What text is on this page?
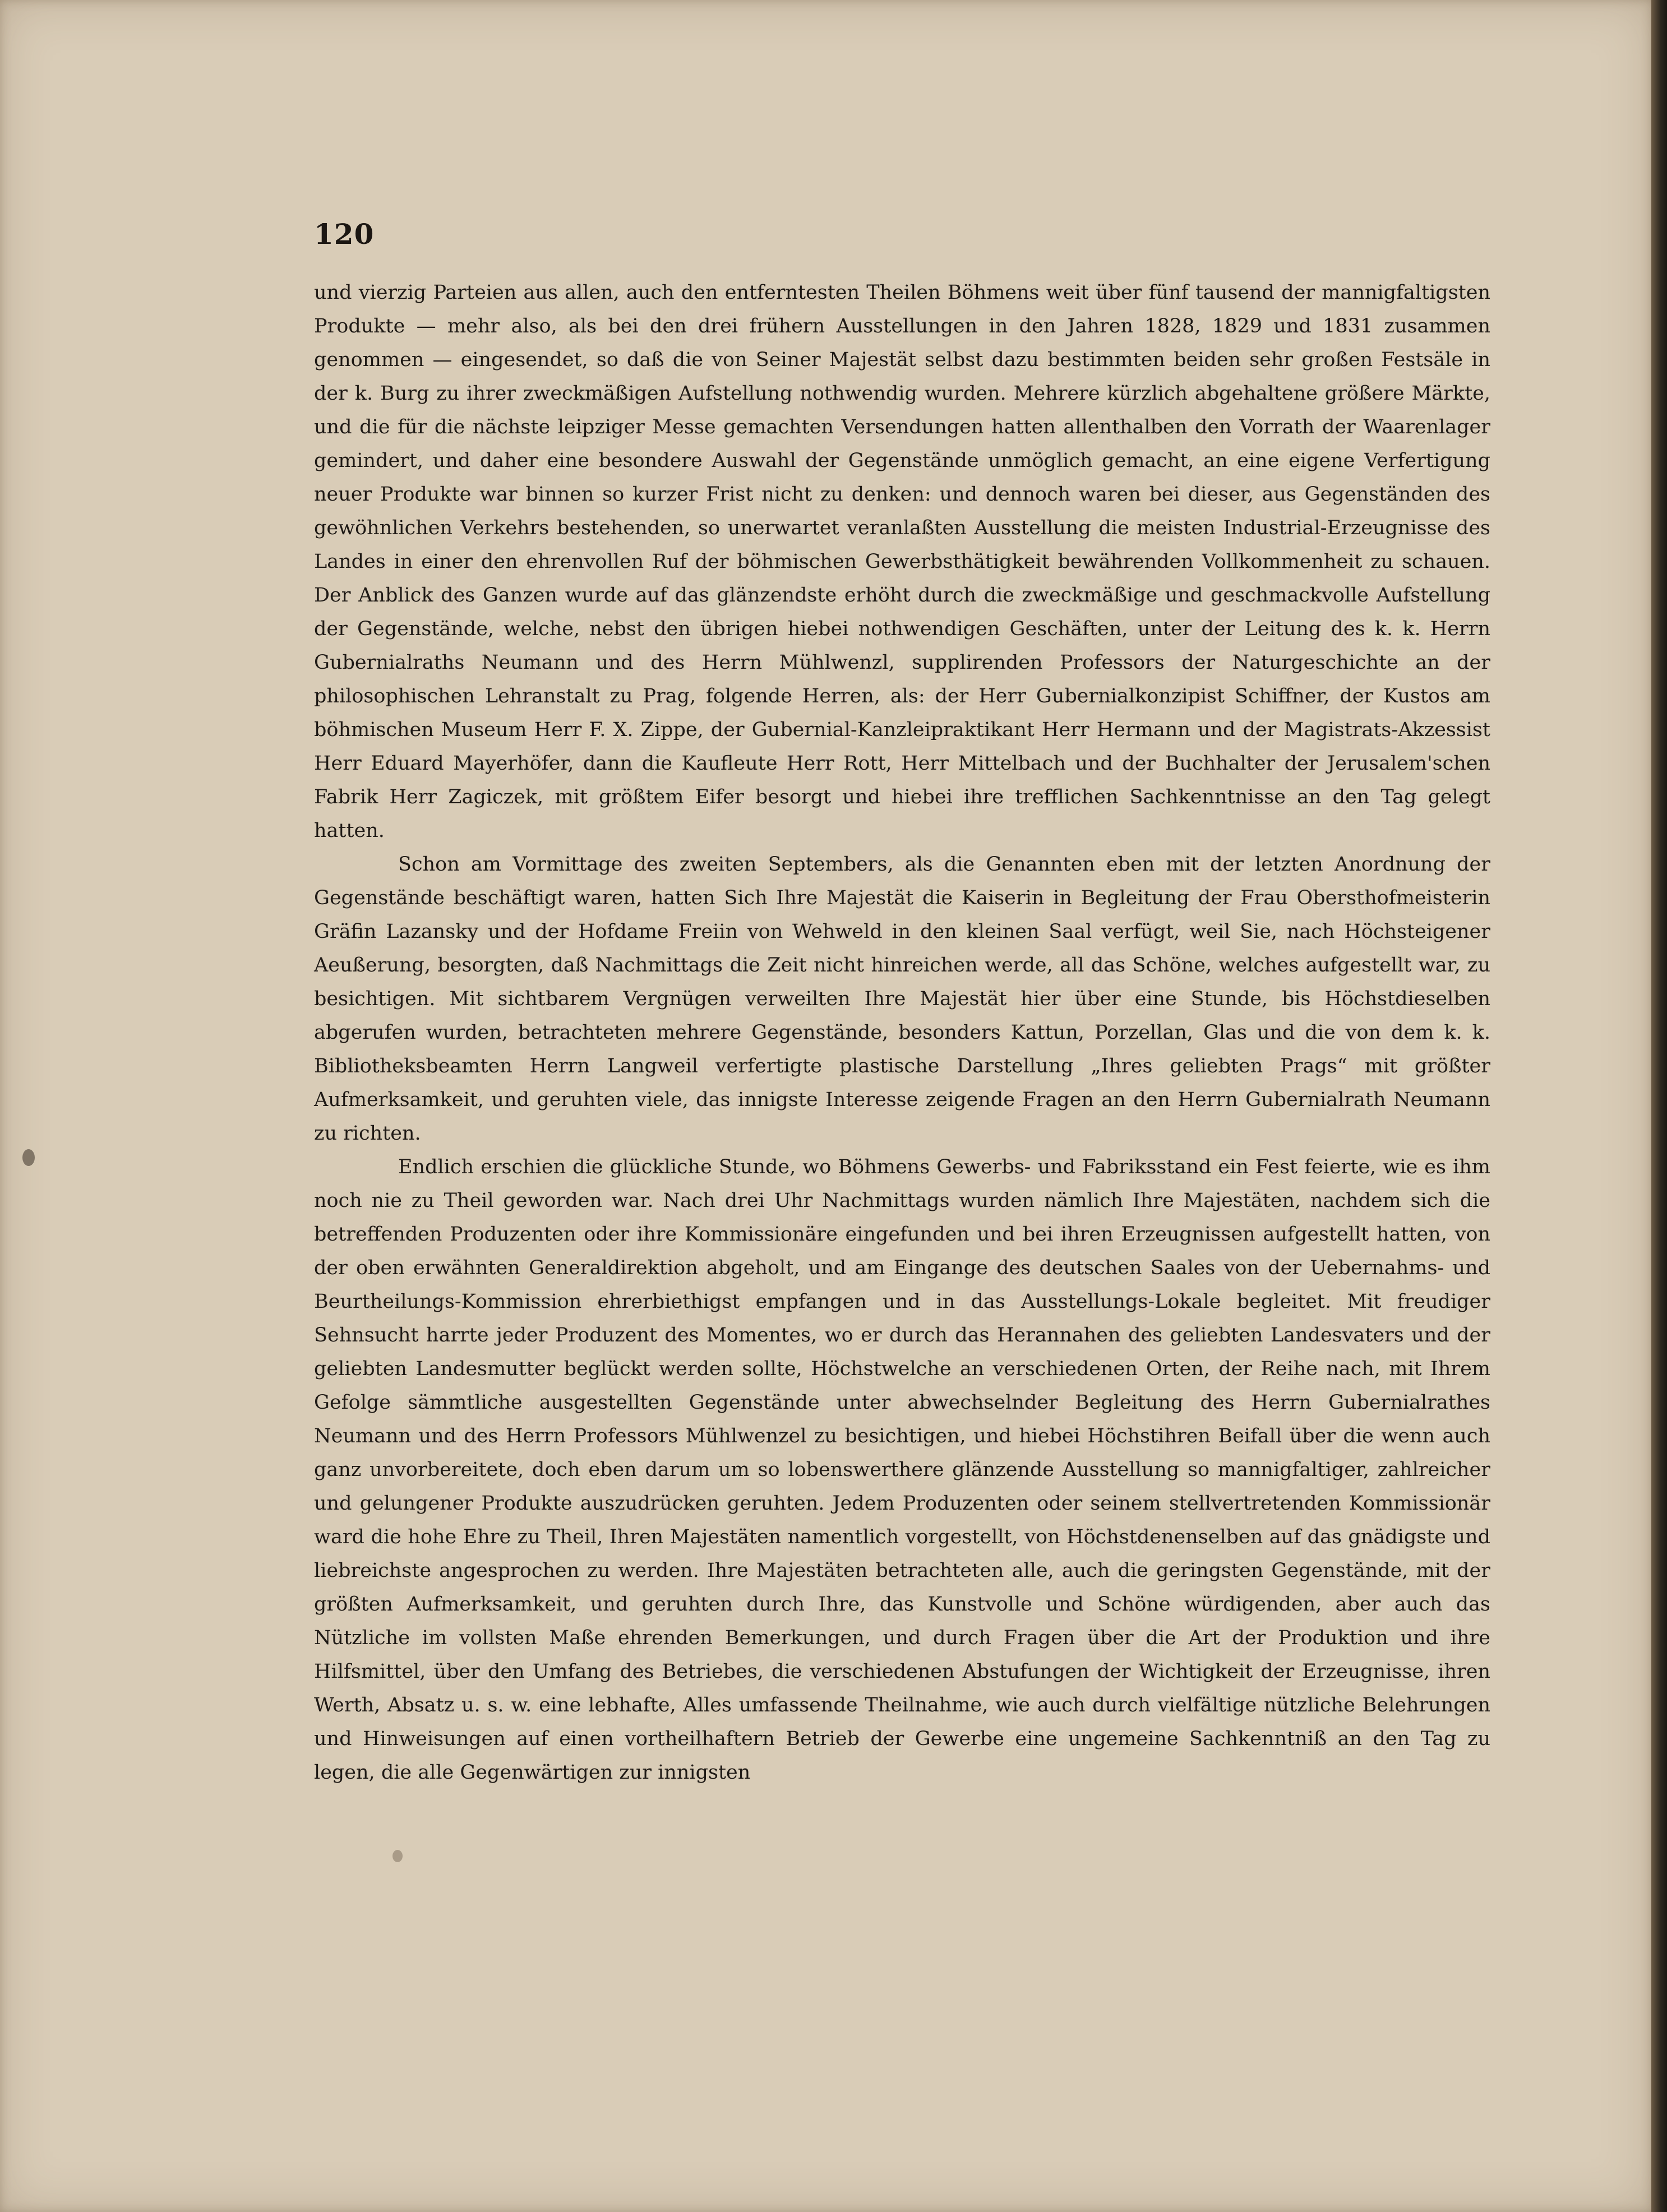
120

und vierzig Parteien aus allen, auch den entferntesten Theilen Böhmens weit über fünf tausend der mannigfaltigsten Produkte — mehr also, als bei den drei frühern Ausstellungen in den Jahren 1828, 1829 und 1831 zusammen genommen — eingesendet, so daß die von Seiner Majestät selbst dazu bestimmten beiden sehr großen Festsäle in der k. Burg zu ihrer zweckmäßigen Aufstellung nothwendig wurden. Mehrere kürzlich abgehaltene größere Märkte, und die für die nächste leipziger Messe gemachten Versendungen hatten allenthalben den Vorrath der Waarenlager gemindert, und daher eine besondere Auswahl der Gegenstände unmöglich gemacht, an eine eigene Verfertigung neuer Produkte war binnen so kurzer Frist nicht zu denken: und dennoch waren bei dieser, aus Gegenständen des gewöhnlichen Verkehrs bestehenden, so unerwartet veranlaßten Ausstellung die meisten Industrial-Erzeugnisse des Landes in einer den ehrenvollen Ruf der böhmischen Gewerbsthätigkeit bewährenden Vollkommenheit zu schauen. Der Anblick des Ganzen wurde auf das glänzendste erhöht durch die zweckmäßige und geschmackvolle Aufstellung der Gegenstände, welche, nebst den übrigen hiebei nothwendigen Geschäften, unter der Leitung des k. k. Herrn Gubernialraths Neumann und des Herrn Mühlwenzl, supplirenden Professors der Naturgeschichte an der philosophischen Lehranstalt zu Prag, folgende Herren, als: der Herr Gubernialkonzipist Schiffner, der Kustos am böhmischen Museum Herr F. X. Zippe, der Gubernial-Kanzleipraktikant Herr Hermann und der Magistrats-Akzessist Herr Eduard Mayerhöfer, dann die Kaufleute Herr Rott, Herr Mittelbach und der Buchhalter der Jerusalem'schen Fabrik Herr Zagiczek, mit größtem Eifer besorgt und hiebei ihre trefflichen Sachkenntnisse an den Tag gelegt hatten.

Schon am Vormittage des zweiten Septembers, als die Genannten eben mit der letzten Anordnung der Gegenstände beschäftigt waren, hatten Sich Ihre Majestät die Kaiserin in Begleitung der Frau Obersthofmeisterin Gräfin Lazansky und der Hofdame Freiin von Wehweld in den kleinen Saal verfügt, weil Sie, nach Höchsteigener Aeußerung, besorgten, daß Nachmittags die Zeit nicht hinreichen werde, all das Schöne, welches aufgestellt war, zu besichtigen. Mit sichtbarem Vergnügen verweilten Ihre Majestät hier über eine Stunde, bis Höchstdieselben abgerufen wurden, betrachteten mehrere Gegenstände, besonders Kattun, Porzellan, Glas und die von dem k. k. Bibliotheksbeamten Herrn Langweil verfertigte plastische Darstellung „Ihres geliebten Prags“ mit größter Aufmerksamkeit, und geruhten viele, das innigste Interesse zeigende Fragen an den Herrn Gubernialrath Neumann zu richten.

Endlich erschien die glückliche Stunde, wo Böhmens Gewerbs- und Fabriksstand ein Fest feierte, wie es ihm noch nie zu Theil geworden war. Nach drei Uhr Nachmittags wurden nämlich Ihre Majestäten, nachdem sich die betreffenden Produzenten oder ihre Kommissionäre eingefunden und bei ihren Erzeugnissen aufgestellt hatten, von der oben erwähnten Generaldirektion abgeholt, und am Eingange des deutschen Saales von der Uebernahms- und Beurtheilungs-Kommission ehrerbiethigst empfangen und in das Ausstellungs-Lokale begleitet. Mit freudiger Sehnsucht harrte jeder Produzent des Momentes, wo er durch das Herannahen des geliebten Landesvaters und der geliebten Landesmutter beglückt werden sollte, Höchstwelche an verschiedenen Orten, der Reihe nach, mit Ihrem Gefolge sämmtliche ausgestellten Gegenstände unter abwechselnder Begleitung des Herrn Gubernialrathes Neumann und des Herrn Professors Mühlwenzel zu besichtigen, und hiebei Höchstihren Beifall über die wenn auch ganz unvorbereitete, doch eben darum um so lobenswerthere glänzende Ausstellung so mannigfaltiger, zahlreicher und gelungener Produkte auszudrücken geruhten. Jedem Produzenten oder seinem stellvertretenden Kommissionär ward die hohe Ehre zu Theil, Ihren Majestäten namentlich vorgestellt, von Höchstdenenselben auf das gnädigste und liebreichste angesprochen zu werden. Ihre Majestäten betrachteten alle, auch die geringsten Gegenstände, mit der größten Aufmerksamkeit, und geruhten durch Ihre, das Kunstvolle und Schöne würdigenden, aber auch das Nützliche im vollsten Maße ehrenden Bemerkungen, und durch Fragen über die Art der Produktion und ihre Hilfsmittel, über den Umfang des Betriebes, die verschiedenen Abstufungen der Wichtigkeit der Erzeugnisse, ihren Werth, Absatz u. s. w. eine lebhafte, Alles umfassende Theilnahme, wie auch durch vielfältige nützliche Belehrungen und Hinweisungen auf einen vortheilhaftern Betrieb der Gewerbe eine ungemeine Sachkenntniß an den Tag zu legen, die alle Gegenwärtigen zur innigsten
